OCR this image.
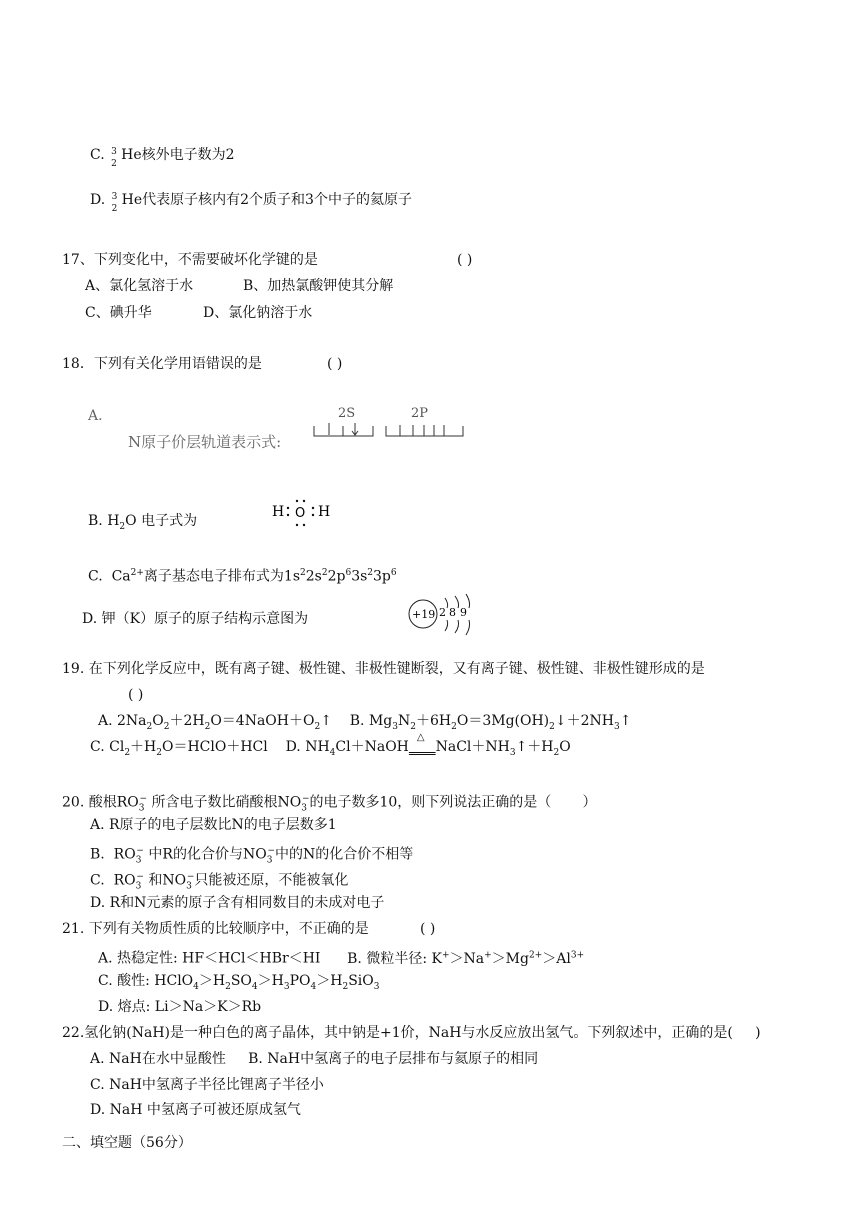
C. 3
2
He核外电子数为2
D. 3
2
He代表原子核内有2个质子和3个中子的氦原子
17、下列变化中，不需要破坏化学键的是	( )
A、氯化氢溶于水	B、加热氯酸钾使其分解
C、碘升华	D、氯化钠溶于水
18．下列有关化学用语错误的是	( )
A.
N原子价层轨道表示式:
2S	2P
B. $H_2O$ 电子式为
H O H
C. $Ca^{2+}$离子基态电子排布式为$1s^22s^22p^63s^23p^6$
D. 钾（K）原子的原子结构示意图为	+19 2 8 9
19. 在下列化学反应中，既有离子键、极性键、非极性键断裂，又有离子键、极性键、非极性键形成的是
( )
A. $2Na_2O_2+2H_2O=4NaOH+O_2↑$ B. $Mg_3N_2+6H_2O=3Mg(OH)_2↓+2NH_3↑$
C. $Cl_2+H_2O=HClO+HCl$ D. $NH_4Cl+NaOH$
△
$NaCl+NH_3↑+H_2O$
20. 酸根$RO_3^-$ 所含电子数比硝酸根$NO_3^-$的电子数多10，则下列说法正确的是（ ）
A. R原子的电子层数比N的电子层数多1
B. $RO_3^-$ 中R的化合价与$NO_3^-$中的N的化合价不相等
C. $RO_3^-$ 和$NO_3^-$只能被还原，不能被氧化
D. R和N元素的原子含有相同数目的未成对电子
21. 下列有关物质性质的比较顺序中，不正确的是	( )
A. 热稳定性: HF＜HCl＜HBr＜HI B. 微粒半径: $K^+>Na^+>Mg^{2+}>Al^{3+}$
C. 酸性: $HClO_4>H_2SO_4>H_3PO_4>H_2SiO_3$
D. 熔点: Li＞Na＞K＞Rb
22.氢化钠(NaH)是一种白色的离子晶体，其中钠是+1价，NaH与水反应放出氢气。下列叙述中，正确的是( )
A. NaH在水中显酸性 B. NaH中氢离子的电子层排布与氦原子的相同
C. NaH中氢离子半径比锂离子半径小
D. NaH 中氢离子可被还原成氢气
二、填空题（56分）
